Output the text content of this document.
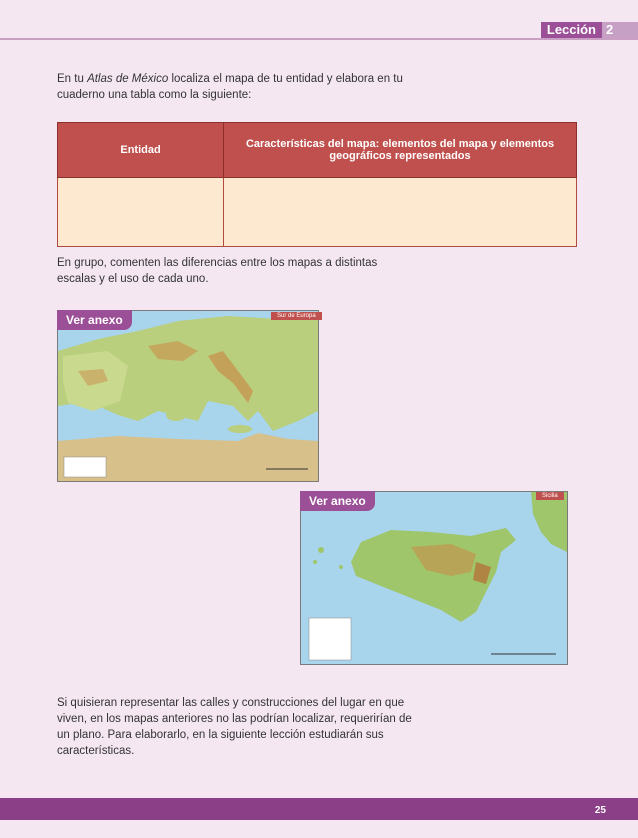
Lección 2

En tu Atlas de México localiza el mapa de tu entidad y elabora en tu cuaderno una tabla como la siguiente:

Entidad	Características del mapa: elementos del mapa y elementos geográficos representados

En grupo, comenten las diferencias entre los mapas a distintas escalas y el uso de cada uno.

Sur de Europa
Ver anexo
Sicilia
Ver anexo

Si quisieran representar las calles y construcciones del lugar en que viven, en los mapas anteriores no las podrían localizar, requerirían de un plano. Para elaborarlo, en la siguiente lección estudiarán sus características.

25
